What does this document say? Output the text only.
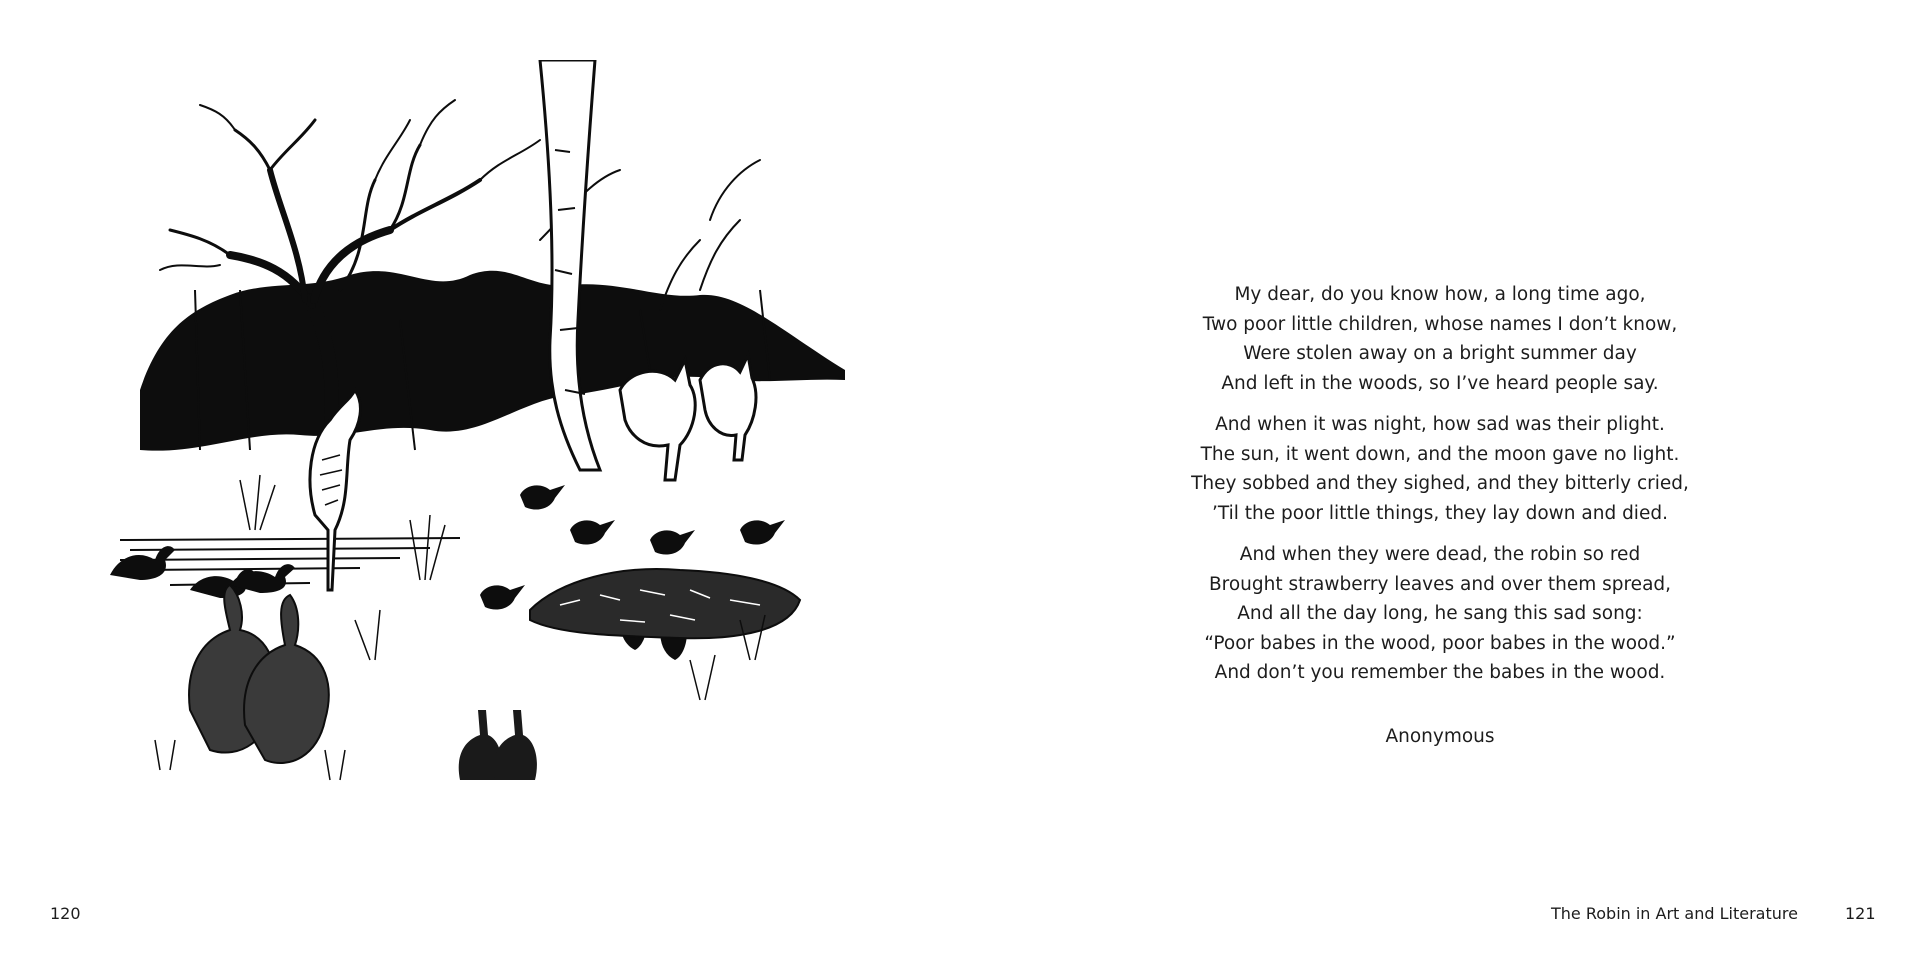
120
My dear, do you know how, a long time ago,
Two poor little children, whose names I don’t know,
Were stolen away on a bright summer day
And left in the woods, so I’ve heard people say.
And when it was night, how sad was their plight.
The sun, it went down, and the moon gave no light.
They sobbed and they sighed, and they bitterly cried,
’Til the poor little things, they lay down and died.
And when they were dead, the robin so red
Brought strawberry leaves and over them spread,
And all the day long, he sang this sad song:
“Poor babes in the wood, poor babes in the wood.”
And don’t you remember the babes in the wood.
Anonymous
The Robin in Art and Literature	121
